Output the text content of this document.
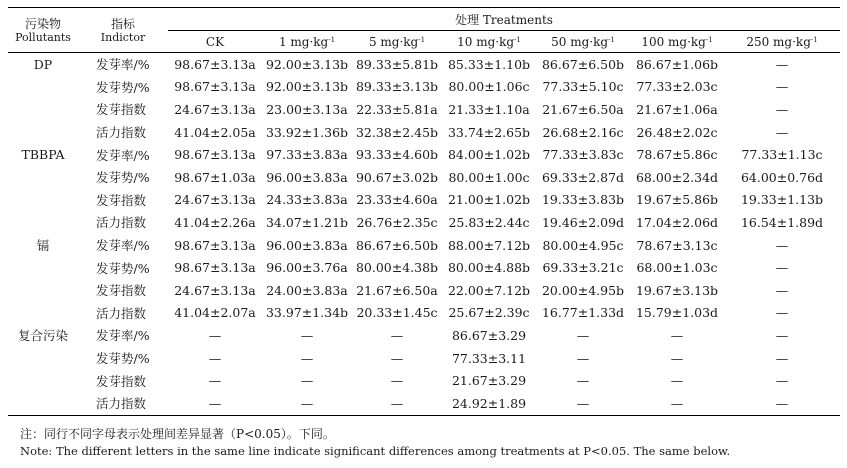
污染物
Pollutants	指标
Indictor	处理 Treatments						
		CK	1 $mg\cdot kg^{-1}$	5 $mg\cdot kg^{-1}$	10 $mg\cdot kg^{-1}$	50 $mg\cdot kg^{-1}$	100 $mg\cdot kg^{-1}$	250 $mg\cdot kg^{-1}$
DP	发芽率/%	98.67±3.13a	92.00±3.13b	89.33±5.81b	85.33±1.10b	86.67±6.50b	86.67±1.06b	—
	发芽势/%	98.67±3.13a	92.00±3.13b	89.33±3.13b	80.00±1.06c	77.33±5.10c	77.33±2.03c	—
	发芽指数	24.67±3.13a	23.00±3.13a	22.33±5.81a	21.33±1.10a	21.67±6.50a	21.67±1.06a	—
	活力指数	41.04±2.05a	33.92±1.36b	32.38±2.45b	33.74±2.65b	26.68±2.16c	26.48±2.02c	—
TBBPA	发芽率/%	98.67±3.13a	97.33±3.83a	93.33±4.60b	84.00±1.02b	77.33±3.83c	78.67±5.86c	77.33±1.13c
	发芽势/%	98.67±1.03a	96.00±3.83a	90.67±3.02b	80.00±1.00c	69.33±2.87d	68.00±2.34d	64.00±0.76d
	发芽指数	24.67±3.13a	24.33±3.83a	23.33±4.60a	21.00±1.02b	19.33±3.83b	19.67±5.86b	19.33±1.13b
	活力指数	41.04±2.26a	34.07±1.21b	26.76±2.35c	25.83±2.44c	19.46±2.09d	17.04±2.06d	16.54±1.89d
镉	发芽率/%	98.67±3.13a	96.00±3.83a	86.67±6.50b	88.00±7.12b	80.00±4.95c	78.67±3.13c	—
	发芽势/%	98.67±3.13a	96.00±3.76a	80.00±4.38b	80.00±4.88b	69.33±3.21c	68.00±1.03c	—
	发芽指数	24.67±3.13a	24.00±3.83a	21.67±6.50a	22.00±7.12b	20.00±4.95b	19.67±3.13b	—
	活力指数	41.04±2.07a	33.97±1.34b	20.33±1.45c	25.67±2.39c	16.77±1.33d	15.79±1.03d	—
复合污染	发芽率/%	—	—	—	86.67±3.29	—	—	—
	发芽势/%	—	—	—	77.33±3.11	—	—	—
	发芽指数	—	—	—	21.67±3.29	—	—	—
	活力指数	—	—	—	24.92±1.89	—	—	—
注：同行不同字母表示处理间差异显著（P<0.05）。下同。
Note: The different letters in the same line indicate significant differences among treatments at P<0.05. The same below.
